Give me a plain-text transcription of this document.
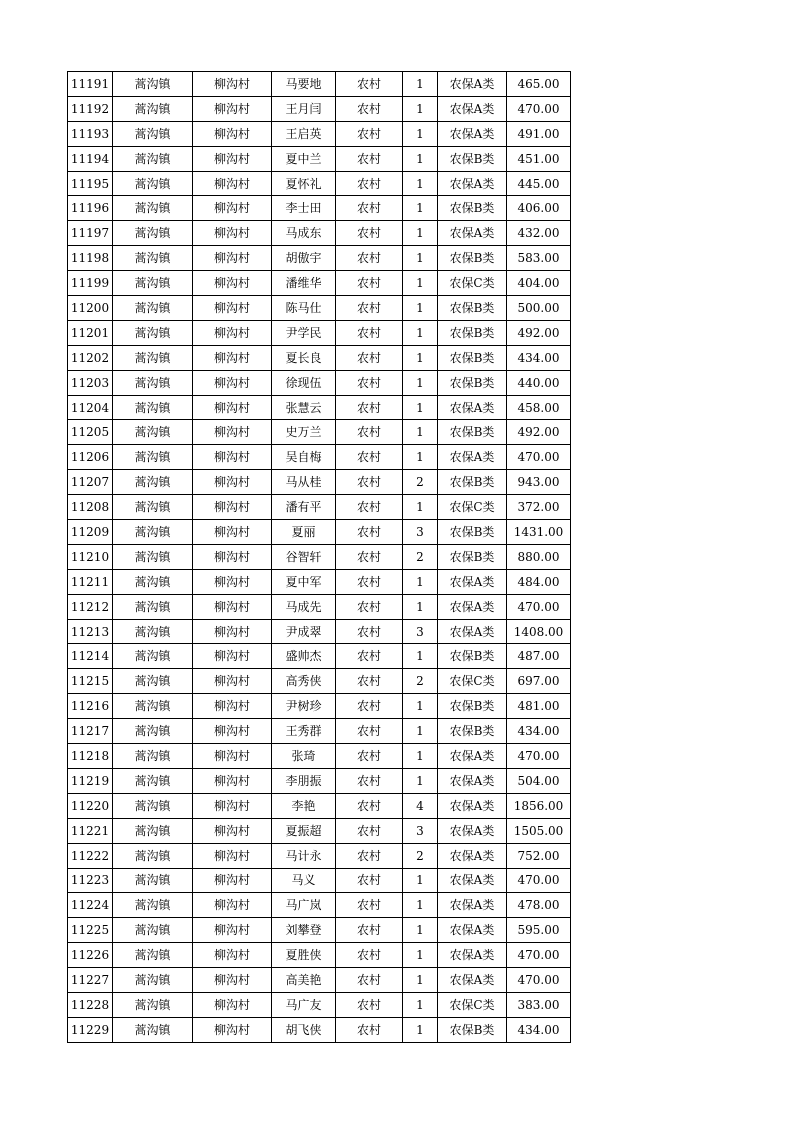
11191	蒿沟镇	柳沟村	马要地	农村	1	农保A类	465.00
11192	蒿沟镇	柳沟村	王月闫	农村	1	农保A类	470.00
11193	蒿沟镇	柳沟村	王启英	农村	1	农保A类	491.00
11194	蒿沟镇	柳沟村	夏中兰	农村	1	农保B类	451.00
11195	蒿沟镇	柳沟村	夏怀礼	农村	1	农保A类	445.00
11196	蒿沟镇	柳沟村	李士田	农村	1	农保B类	406.00
11197	蒿沟镇	柳沟村	马成东	农村	1	农保A类	432.00
11198	蒿沟镇	柳沟村	胡傲宇	农村	1	农保B类	583.00
11199	蒿沟镇	柳沟村	潘维华	农村	1	农保C类	404.00
11200	蒿沟镇	柳沟村	陈马仕	农村	1	农保B类	500.00
11201	蒿沟镇	柳沟村	尹学民	农村	1	农保B类	492.00
11202	蒿沟镇	柳沟村	夏长良	农村	1	农保B类	434.00
11203	蒿沟镇	柳沟村	徐现伍	农村	1	农保B类	440.00
11204	蒿沟镇	柳沟村	张慧云	农村	1	农保A类	458.00
11205	蒿沟镇	柳沟村	史万兰	农村	1	农保B类	492.00
11206	蒿沟镇	柳沟村	吴自梅	农村	1	农保A类	470.00
11207	蒿沟镇	柳沟村	马从桂	农村	2	农保B类	943.00
11208	蒿沟镇	柳沟村	潘有平	农村	1	农保C类	372.00
11209	蒿沟镇	柳沟村	夏丽	农村	3	农保B类	1431.00
11210	蒿沟镇	柳沟村	谷智轩	农村	2	农保B类	880.00
11211	蒿沟镇	柳沟村	夏中军	农村	1	农保A类	484.00
11212	蒿沟镇	柳沟村	马成先	农村	1	农保A类	470.00
11213	蒿沟镇	柳沟村	尹成翠	农村	3	农保A类	1408.00
11214	蒿沟镇	柳沟村	盛帅杰	农村	1	农保B类	487.00
11215	蒿沟镇	柳沟村	高秀侠	农村	2	农保C类	697.00
11216	蒿沟镇	柳沟村	尹树珍	农村	1	农保B类	481.00
11217	蒿沟镇	柳沟村	王秀群	农村	1	农保B类	434.00
11218	蒿沟镇	柳沟村	张琦	农村	1	农保A类	470.00
11219	蒿沟镇	柳沟村	李朋振	农村	1	农保A类	504.00
11220	蒿沟镇	柳沟村	李艳	农村	4	农保A类	1856.00
11221	蒿沟镇	柳沟村	夏振超	农村	3	农保A类	1505.00
11222	蒿沟镇	柳沟村	马计永	农村	2	农保A类	752.00
11223	蒿沟镇	柳沟村	马义	农村	1	农保A类	470.00
11224	蒿沟镇	柳沟村	马广岚	农村	1	农保A类	478.00
11225	蒿沟镇	柳沟村	刘攀登	农村	1	农保A类	595.00
11226	蒿沟镇	柳沟村	夏胜侠	农村	1	农保A类	470.00
11227	蒿沟镇	柳沟村	高美艳	农村	1	农保A类	470.00
11228	蒿沟镇	柳沟村	马广友	农村	1	农保C类	383.00
11229	蒿沟镇	柳沟村	胡飞侠	农村	1	农保B类	434.00
